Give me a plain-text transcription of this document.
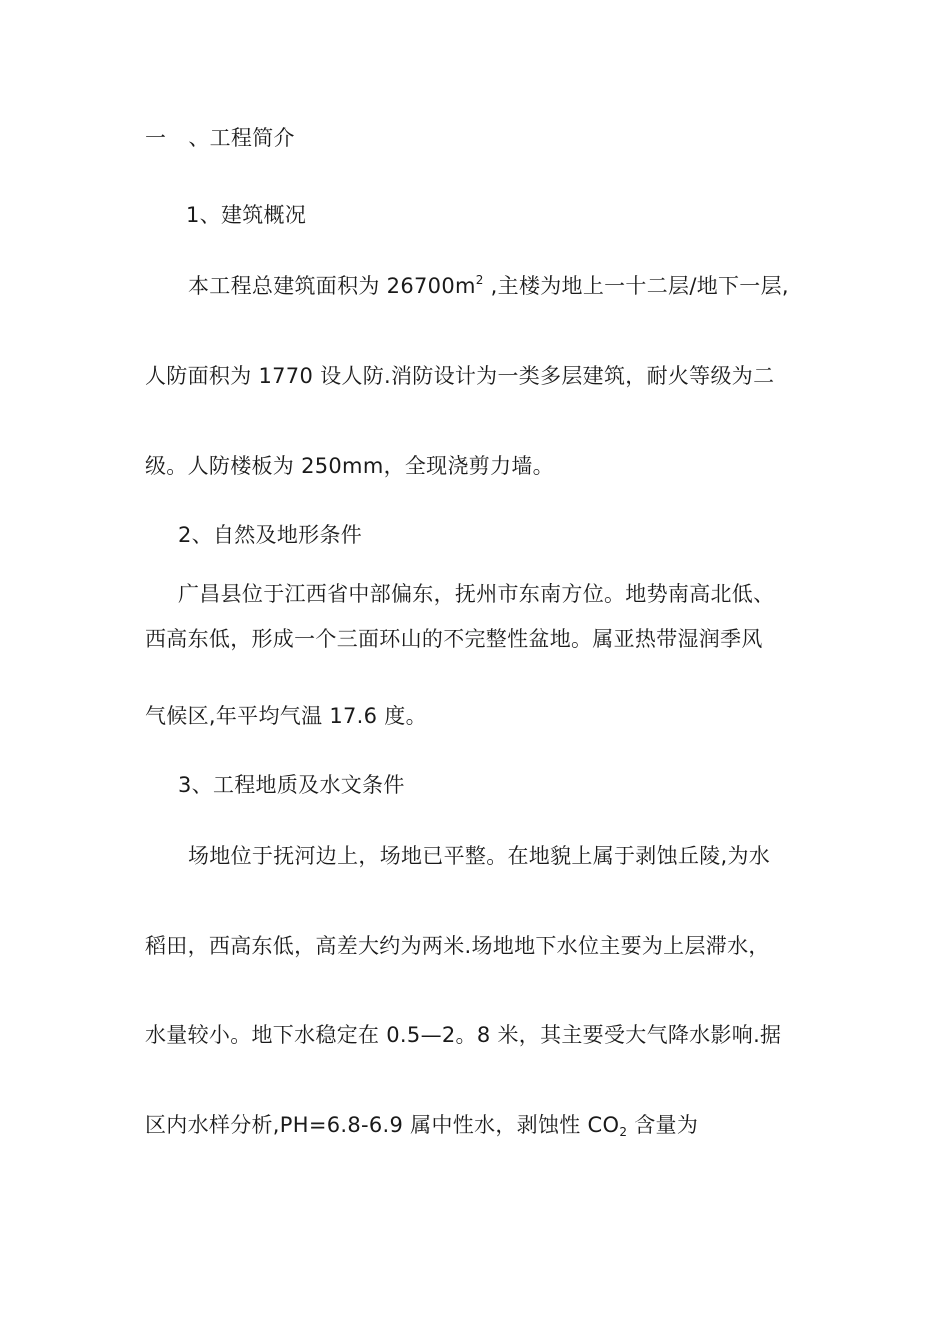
一 、工程简介
1、建筑概况
本工程总建筑面积为 $26700m^2$ ,主楼为地上一十二层/地下一层,
人防面积为 1770 设人防.消防设计为一类多层建筑，耐火等级为二
级。人防楼板为 250mm，全现浇剪力墙。
2、自然及地形条件
广昌县位于江西省中部偏东，抚州市东南方位。地势南高北低、
西高东低，形成一个三面环山的不完整性盆地。属亚热带湿润季风
气候区,年平均气温 17.6 度。
3、工程地质及水文条件
场地位于抚河边上，场地已平整。在地貌上属于剥蚀丘陵,为水
稻田，西高东低，高差大约为两米.场地地下水位主要为上层滞水，
水量较小。地下水稳定在 0.5—2。8 米，其主要受大气降水影响.据
区内水样分析,PH=6.8-6.9 属中性水，剥蚀性 $CO_2$ 含量为
